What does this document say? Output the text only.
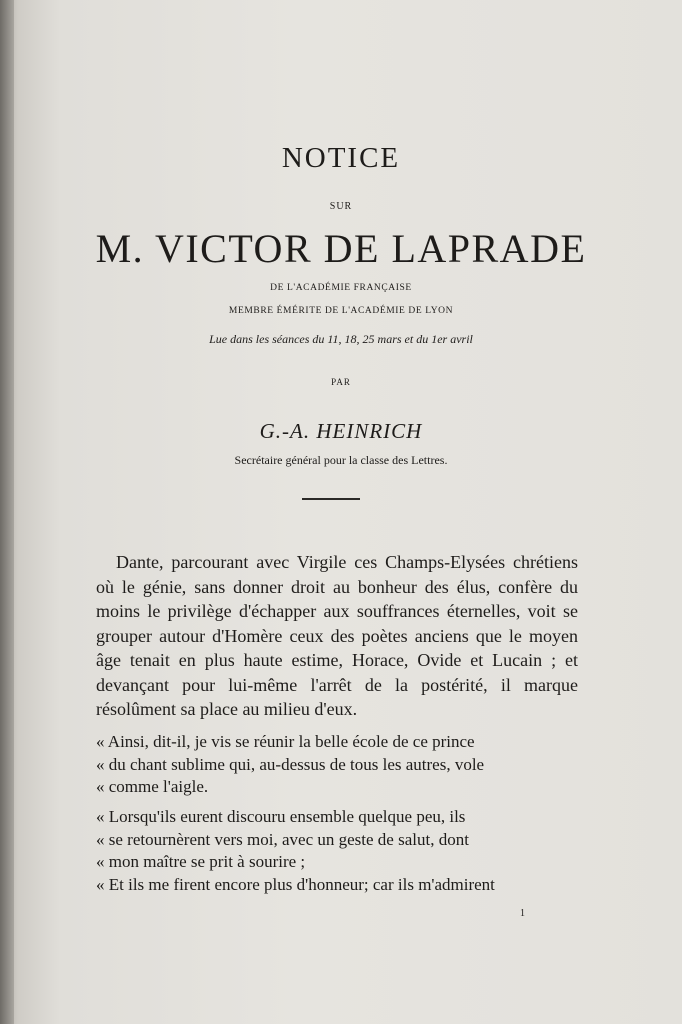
NOTICE
SUR
M. VICTOR DE LAPRADE
DE L'ACADÉMIE FRANÇAISE
MEMBRE ÉMÉRITE DE L'ACADÉMIE DE LYON
Lue dans les séances du 11, 18, 25 mars et du 1er avril
PAR
G.-A. HEINRICH
Secrétaire général pour la classe des Lettres.
Dante, parcourant avec Virgile ces Champs-Elysées chrétiens où le génie, sans donner droit au bonheur des élus, confère du moins le privilège d'échapper aux souffrances éternelles, voit se grouper autour d'Homère ceux des poètes anciens que le moyen âge tenait en plus haute estime, Horace, Ovide et Lucain ; et devançant pour lui-même l'arrêt de la postérité, il marque résolûment sa place au milieu d'eux.
« Ainsi, dit-il, je vis se réunir la belle école de ce prince
« du chant sublime qui, au-dessus de tous les autres, vole
« comme l'aigle.
« Lorsqu'ils eurent discouru ensemble quelque peu, ils
« se retournèrent vers moi, avec un geste de salut, dont
« mon maître se prit à sourire ;
« Et ils me firent encore plus d'honneur; car ils m'admirent
1
